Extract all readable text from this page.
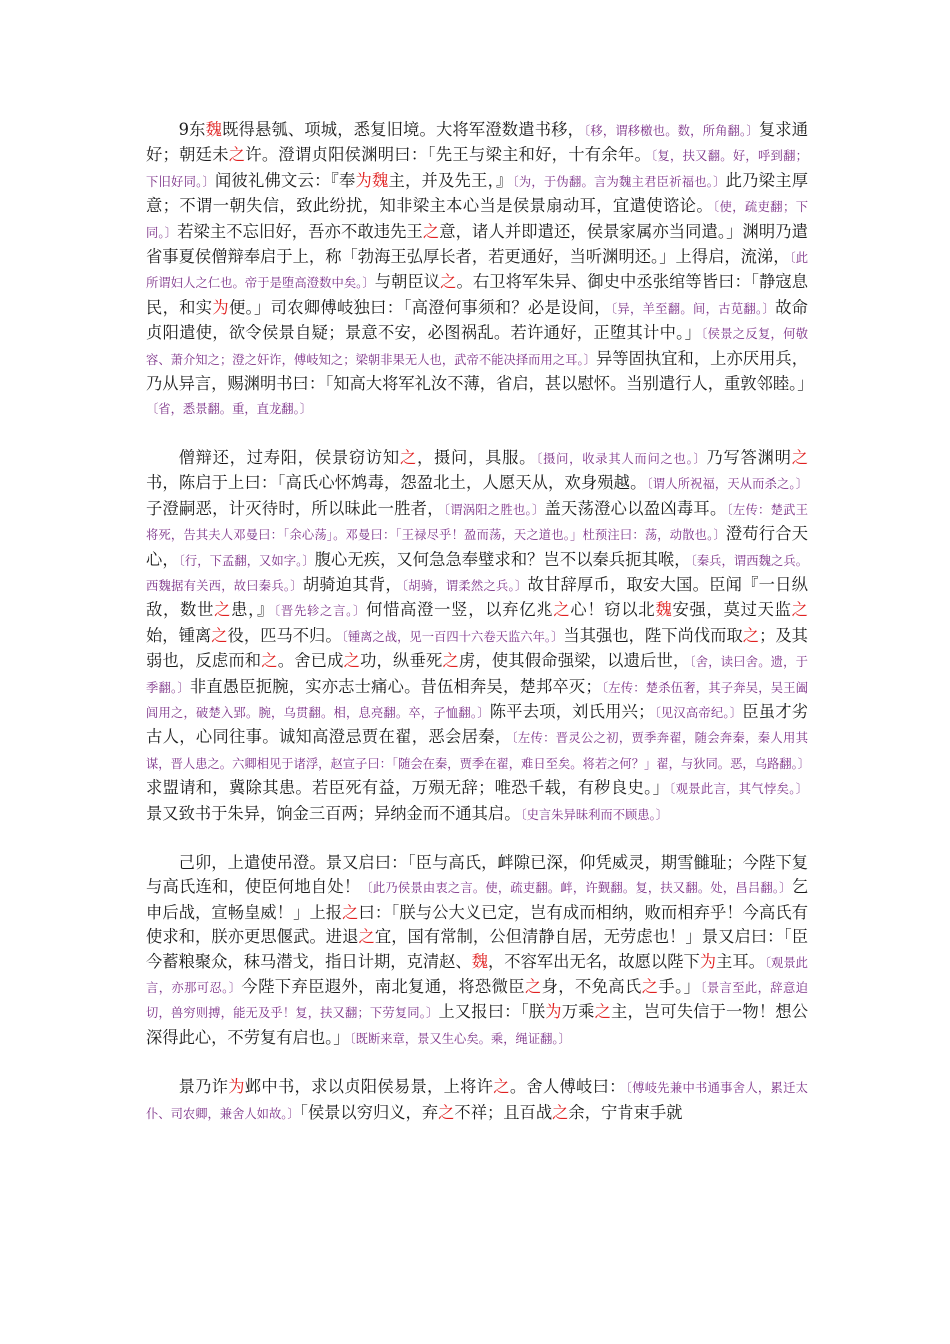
9东魏既得悬瓠、项城，悉复旧境。大将军澄数遣书移，〔移，谓移檄也。数，所角翻。〕复求通好；朝廷未之许。澄谓贞阳侯渊明曰：「先王与梁主和好，十有余年。〔复，扶又翻。好，呼到翻；下旧好同。〕闻彼礼佛文云：『奉为魏主，并及先王，』〔为，于伪翻。言为魏主君臣祈福也。〕此乃梁主厚意；不谓一朝失信，致此纷扰，知非梁主本心当是侯景扇动耳，宜遣使谘论。〔使，疏吏翻；下同。〕若梁主不忘旧好，吾亦不敢违先王之意，诸人并即遣还，侯景家属亦当同遣。」渊明乃遣省事夏侯僧辩奉启于上，称「勃海王弘厚长者，若更通好，当听渊明还。」上得启，流涕，〔此所谓妇人之仁也。帝于是堕高澄数中矣。〕与朝臣议之。右卫将军朱异、御史中丞张绾等皆曰：「静寇息民，和实为便。」司农卿傅岐独曰：「高澄何事须和？必是设间，〔异，羊至翻。间，古苋翻。〕故命贞阳遣使，欲令侯景自疑；景意不安，必图祸乱。若许通好，正堕其计中。」〔侯景之反复，何敬容、萧介知之；澄之奸诈，傅岐知之；梁朝非果无人也，武帝不能决择而用之耳。〕异等固执宜和，上亦厌用兵，乃从异言，赐渊明书曰：「知高大将军礼汝不薄，省启，甚以慰怀。当别遣行人，重敦邻睦。」〔省，悉景翻。重，直龙翻。〕

僧辩还，过寿阳，侯景窃访知之，摄问，具服。〔摄问，收录其人而问之也。〕乃写答渊明之书，陈启于上曰：「高氏心怀鸩毒，怨盈北土，人愿天从，欢身殒越。〔谓人所祝福，天从而杀之。〕子澄嗣恶，计灭待时，所以昧此一胜者，〔谓涡阳之胜也。〕盖天荡澄心以盈凶毒耳。〔左传：楚武王将死，告其夫人邓曼曰：「余心荡」。邓曼曰：「王禄尽乎！盈而荡，天之道也。」杜预注曰：荡，动散也。〕澄苟行合天心，〔行，下孟翻，又如字。〕腹心无疾，又何急急奉璧求和？岂不以秦兵扼其喉，〔秦兵，谓西魏之兵。西魏据有关西，故曰秦兵。〕胡骑迫其背，〔胡骑，谓柔然之兵。〕故甘辞厚币，取安大国。臣闻『一日纵敌，数世之患，』〔晋先轸之言。〕何惜高澄一竖，以弃亿兆之心！窃以北魏安强，莫过天监之始，锺离之役，匹马不归。〔锺离之战，见一百四十六卷天监六年。〕当其强也，陛下尚伐而取之；及其弱也，反虑而和之。舍已成之功，纵垂死之虏，使其假命强梁，以遗后世，〔舍，读曰舍。遗，于季翻。〕非直愚臣扼腕，实亦志士痛心。昔伍相奔吴，楚邦卒灭；〔左传：楚杀伍奢，其子奔吴，吴王阖闾用之，破楚入郢。腕，乌贯翻。相，息亮翻。卒，子恤翻。〕陈平去项，刘氏用兴；〔见汉高帝纪。〕臣虽才劣古人，心同往事。诚知高澄忌贾在翟，恶会居秦，〔左传：晋灵公之初，贾季奔翟，随会奔秦，秦人用其谋，晋人患之。六卿相见于诸浮，赵宣子曰：「随会在秦，贾季在翟，难日至矣。将若之何？」翟，与狄同。恶，乌路翻。〕求盟请和，冀除其患。若臣死有益，万殒无辞；唯恐千载，有秽良史。」〔观景此言，其气悖矣。〕景又致书于朱异，饷金三百两；异纳金而不通其启。〔史言朱异昧利而不顾患。〕

己卯，上遣使吊澄。景又启曰：「臣与高氏，衅隙已深，仰凭威灵，期雪雠耻；今陛下复与高氏连和，使臣何地自处！〔此乃侯景由衷之言。使，疏吏翻。衅，许觐翻。复，扶又翻。处，昌吕翻。〕乞申后战，宣畅皇威！」上报之曰：「朕与公大义已定，岂有成而相纳，败而相弃乎！今高氏有使求和，朕亦更思偃武。进退之宜，国有常制，公但清静自居，无劳虑也！」景又启曰：「臣今蓄粮聚众，秣马潜戈，指日计期，克清赵、魏，不容军出无名，故愿以陛下为主耳。〔观景此言，亦那可忍。〕今陛下弃臣遐外，南北复通，将恐微臣之身，不免高氏之手。」〔景言至此，辞意迫切，兽穷则搏，能无及乎！复，扶又翻；下劳复同。〕上又报曰：「朕为万乘之主，岂可失信于一物！想公深得此心，不劳复有启也。」〔既断来章，景又生心矣。乘，绳证翻。〕

景乃诈为邺中书，求以贞阳侯易景，上将许之。舍人傅岐曰：〔傅岐先兼中书通事舍人，累迁太仆、司农卿，兼舍人如故。〕「侯景以穷归义，弃之不祥；且百战之余，宁肯束手就
